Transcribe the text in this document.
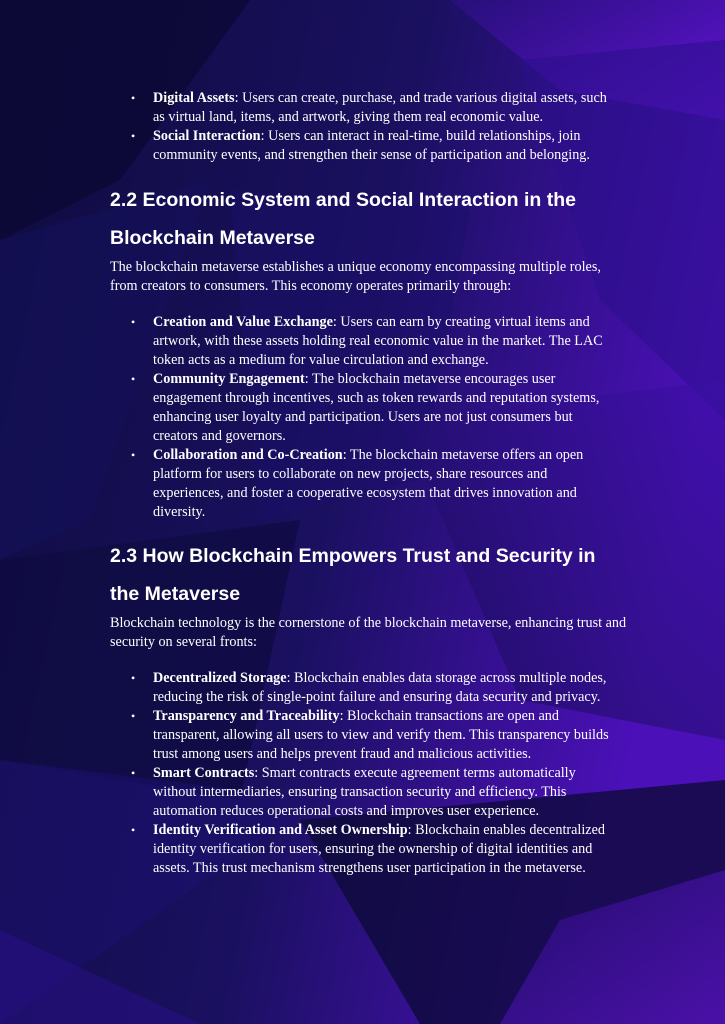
• Digital Assets: Users can create, purchase, and trade various digital assets, such as virtual land, items, and artwork, giving them real economic value.
• Social Interaction: Users can interact in real-time, build relationships, join community events, and strengthen their sense of participation and belonging.
2.2 Economic System and Social Interaction in the Blockchain Metaverse

The blockchain metaverse establishes a unique economy encompassing multiple roles, from creators to consumers. This economy operates primarily through:

• Creation and Value Exchange: Users can earn by creating virtual items and artwork, with these assets holding real economic value in the market. The LAC token acts as a medium for value circulation and exchange.
• Community Engagement: The blockchain metaverse encourages user engagement through incentives, such as token rewards and reputation systems, enhancing user loyalty and participation. Users are not just consumers but creators and governors.
• Collaboration and Co-Creation: The blockchain metaverse offers an open platform for users to collaborate on new projects, share resources and experiences, and foster a cooperative ecosystem that drives innovation and diversity.
2.3 How Blockchain Empowers Trust and Security in the Metaverse

Blockchain technology is the cornerstone of the blockchain metaverse, enhancing trust and security on several fronts:

• Decentralized Storage: Blockchain enables data storage across multiple nodes, reducing the risk of single-point failure and ensuring data security and privacy.
• Transparency and Traceability: Blockchain transactions are open and transparent, allowing all users to view and verify them. This transparency builds trust among users and helps prevent fraud and malicious activities.
• Smart Contracts: Smart contracts execute agreement terms automatically without intermediaries, ensuring transaction security and efficiency. This automation reduces operational costs and improves user experience.
• Identity Verification and Asset Ownership: Blockchain enables decentralized identity verification for users, ensuring the ownership of digital identities and assets. This trust mechanism strengthens user participation in the metaverse.
